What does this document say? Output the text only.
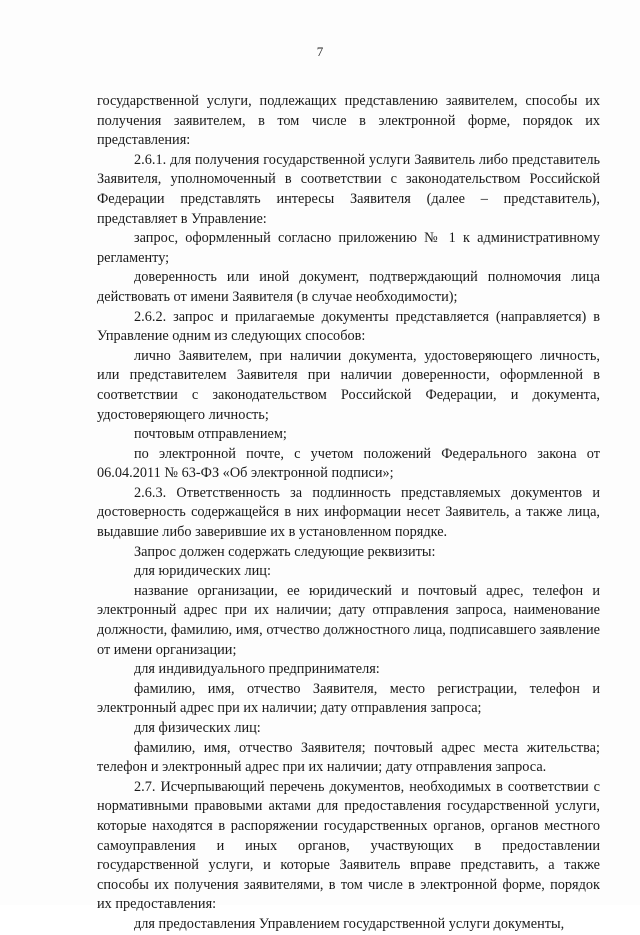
7

государственной услуги, подлежащих представлению заявителем, способы их получения заявителем, в том числе в электронной форме, порядок их представления:

2.6.1. для получения государственной услуги Заявитель либо представитель Заявителя, уполномоченный в соответствии с законодательством Российской Федерации представлять интересы Заявителя (далее – представитель), представляет в Управление:

запрос, оформленный согласно приложению № 1 к административному регламенту;

доверенность или иной документ, подтверждающий полномочия лица действовать от имени Заявителя (в случае необходимости);

2.6.2. запрос и прилагаемые документы представляется (направляется) в Управление одним из следующих способов:

лично Заявителем, при наличии документа, удостоверяющего личность, или представителем Заявителя при наличии доверенности, оформленной в соответствии с законодательством Российской Федерации, и документа, удостоверяющего личность;

почтовым отправлением;

по электронной почте, с учетом положений Федерального закона от 06.04.2011 № 63-ФЗ «Об электронной подписи»;

2.6.3. Ответственность за подлинность представляемых документов и достоверность содержащейся в них информации несет Заявитель, а также лица, выдавшие либо заверившие их в установленном порядке.

Запрос должен содержать следующие реквизиты:

для юридических лиц:

название организации, ее юридический и почтовый адрес, телефон и электронный адрес при их наличии; дату отправления запроса, наименование должности, фамилию, имя, отчество должностного лица, подписавшего заявление от имени организации;

для индивидуального предпринимателя:

фамилию, имя, отчество Заявителя, место регистрации, телефон и электронный адрес при их наличии; дату отправления запроса;

для физических лиц:

фамилию, имя, отчество Заявителя; почтовый адрес места жительства; телефон и электронный адрес при их наличии; дату отправления запроса.

2.7. Исчерпывающий перечень документов, необходимых в соответствии с нормативными правовыми актами для предоставления государственной услуги, которые находятся в распоряжении государственных органов, органов местного самоуправления и иных органов, участвующих в предоставлении государственной услуги, и которые Заявитель вправе представить, а также способы их получения заявителями, в том числе в электронной форме, порядок их предоставления:

для предоставления Управлением государственной услуги документы,
